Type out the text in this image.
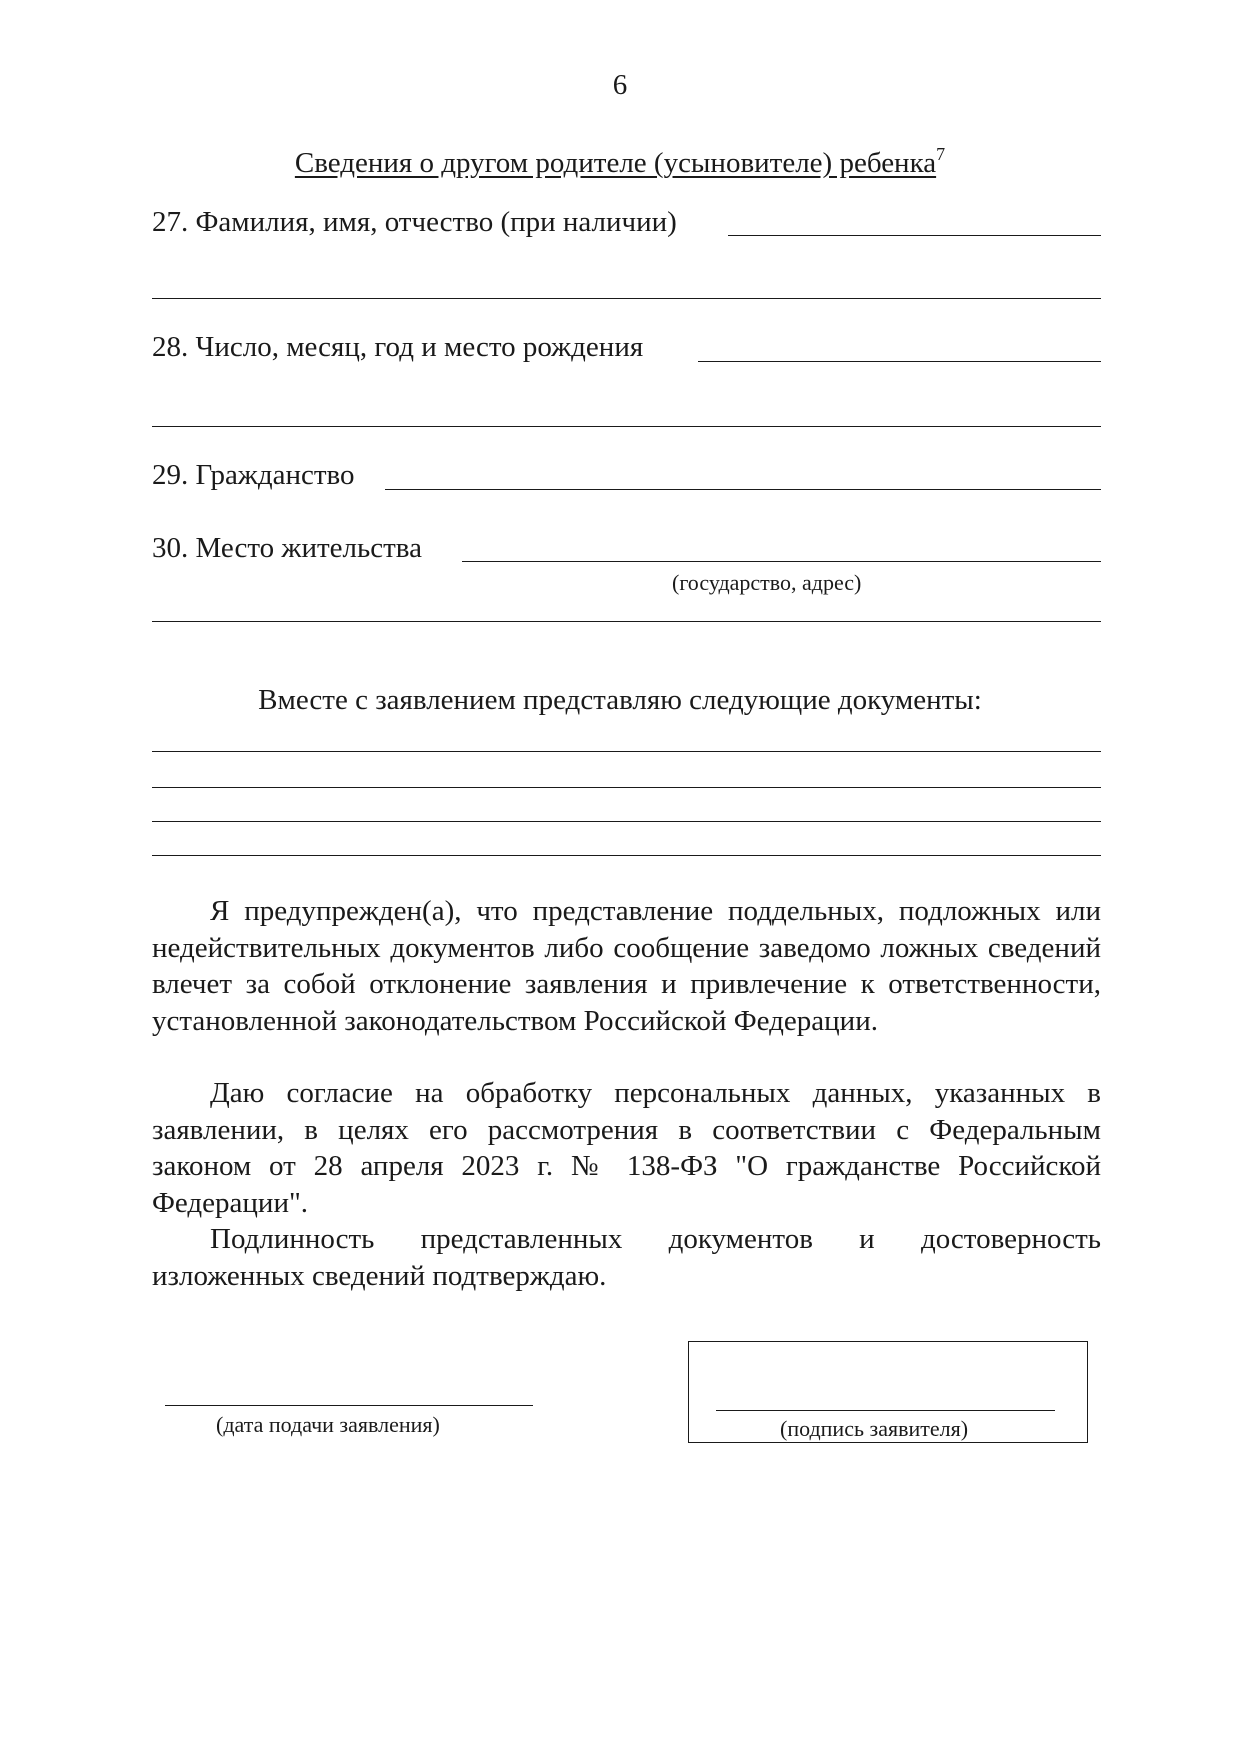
6
Сведения о другом родителе (усыновителе) ребенка$^7$
27. Фамилия, имя, отчество (при наличии)
28. Число, месяц, год и место рождения
29. Гражданство
30. Место жительства
(государство, адрес)
Вместе с заявлением представляю следующие документы:

Я предупрежден(а), что представление поддельных, подложных или недействительных документов либо сообщение заведомо ложных сведений влечет за собой отклонение заявления и привлечение к ответственности, установленной законодательством Российской Федерации.

Даю согласие на обработку персональных данных, указанных в заявлении, в целях его рассмотрения в соответствии с Федеральным законом от 28 апреля 2023 г. № 138-ФЗ "О гражданстве Российской Федерации".

Подлинность представленных документов и достоверность изложенных сведений подтверждаю.

(дата подачи заявления)	(подпись заявителя)
